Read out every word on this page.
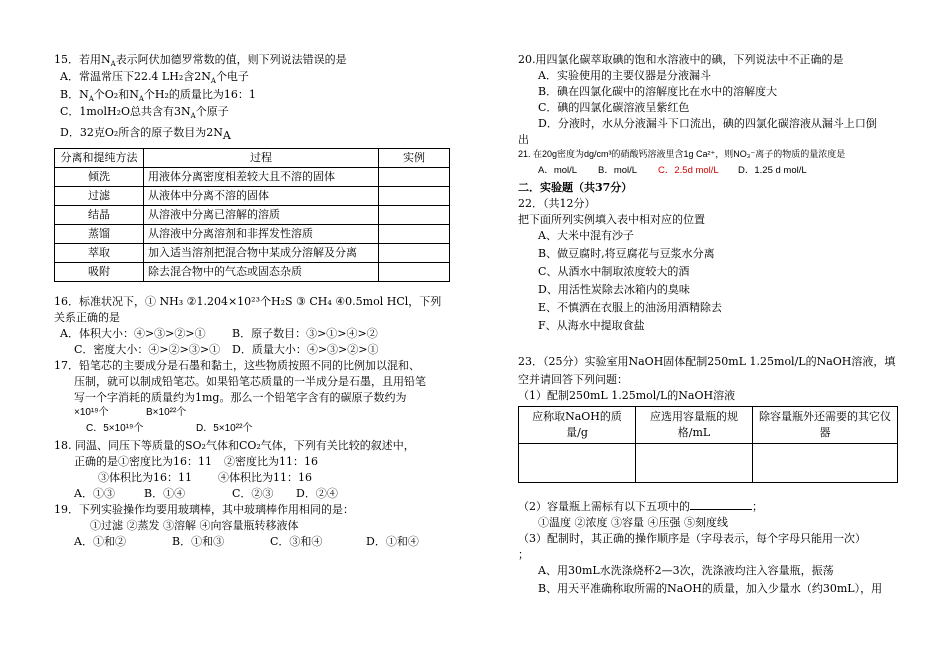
15．若用$N_A$表示阿伏加德罗常数的值，则下列说法错误的是
A．常温常压下22.4 LH₂含$2N_A$个电子
B．$N_A$个O₂和$N_A$个H₂的质量比为16：1
C．1molH₂O总共含有$3N_A$个原子
D．32克O₂所含的原子数目为$2N_A$
分离和提纯方法	过程	实例
倾洗	用液体分离密度相差较大且不溶的固体	
过滤	从液体中分离不溶的固体	
结晶	从溶液中分离已溶解的溶质	
蒸馏	从溶液中分离溶剂和非挥发性溶质	
萃取	加入适当溶剂把混合物中某成分溶解及分离	
吸附	除去混合物中的气态或固态杂质	
16．标准状况下，① NH₃ ②1.204×10²³个H₂S ③ CH₄ ④0.5mol HCl，下列
关系正确的是
A．体积大小：④>③>②>① B．原子数目：③>①>④>②
C．密度大小：④>②>③>① D．质量大小：④>③>②>①
17．铅笔芯的主要成分是石墨和黏土，这些物质按照不同的比例加以混和、
压制，就可以制成铅笔芯。如果铅笔芯质量的一半成分是石墨，且用铅笔
写一个字消耗的质量约为1mg。那么一个铅笔字含有的碳原子数约为
×10¹⁹个	B×10²²个
C．5×10¹⁹个	D．5×10²²个
18. 同温、同压下等质量的SO₂气体和CO₂气体，下列有关比较的叙述中，
正确的是①密度比为16：11 ②密度比为11：16
③体积比为16：11 ④体积比为11：16
A．①③	B．①④	C．②③ D．②④
19．下列实验操作均要用玻璃棒，其中玻璃棒作用相同的是：
①过滤 ②蒸发 ③溶解 ④向容量瓶转移液体
A．①和②	B．①和③	C．③和④	D．①和④
20.用四氯化碳萃取碘的饱和水溶液中的碘，下列说法中不正确的是
A．实验使用的主要仪器是分液漏斗
B．碘在四氯化碳中的溶解度比在水中的溶解度大
C．碘的四氯化碳溶液呈紫红色
D．分液时，水从分液漏斗下口流出，碘的四氯化碳溶液从漏斗上口倒
出
21. 在20g密度为dg/cm³的硝酸钙溶液里含1g Ca²⁺，则NO₃⁻离子的物质的量浓度是
A．mol/L B．mol/L C．2.5d mol/L D．1.25 d mol/L
二．实验题（共37分）
22．（共12分）
把下面所列实例填入表中相对应的位置
A、大米中混有沙子
B、做豆腐时,将豆腐花与豆浆水分离
C、从酒水中制取浓度较大的酒
D、用活性炭除去冰箱内的臭味
E、不慎洒在衣服上的油汤用酒精除去
F、从海水中提取食盐
23．（25分）实验室用NaOH固体配制250mL 1.25mol/L的NaOH溶液，填
空并请回答下列问题：
（1）配制250mL 1.25mol/L的NaOH溶液
应称取NaOH的质量/g	应选用容量瓶的规格/mL	除容量瓶外还需要的其它仪器

（2）容量瓶上需标有以下五项中的	；
①温度 ②浓度 ③容量 ④压强 ⑤刻度线
（3）配制时，其正确的操作顺序是（字母表示，每个字母只能用一次）
；
A、用30mL水洗涤烧杯2—3次，洗涤液均注入容量瓶，振荡
B、用天平准确称取所需的NaOH的质量，加入少量水（约30mL），用
